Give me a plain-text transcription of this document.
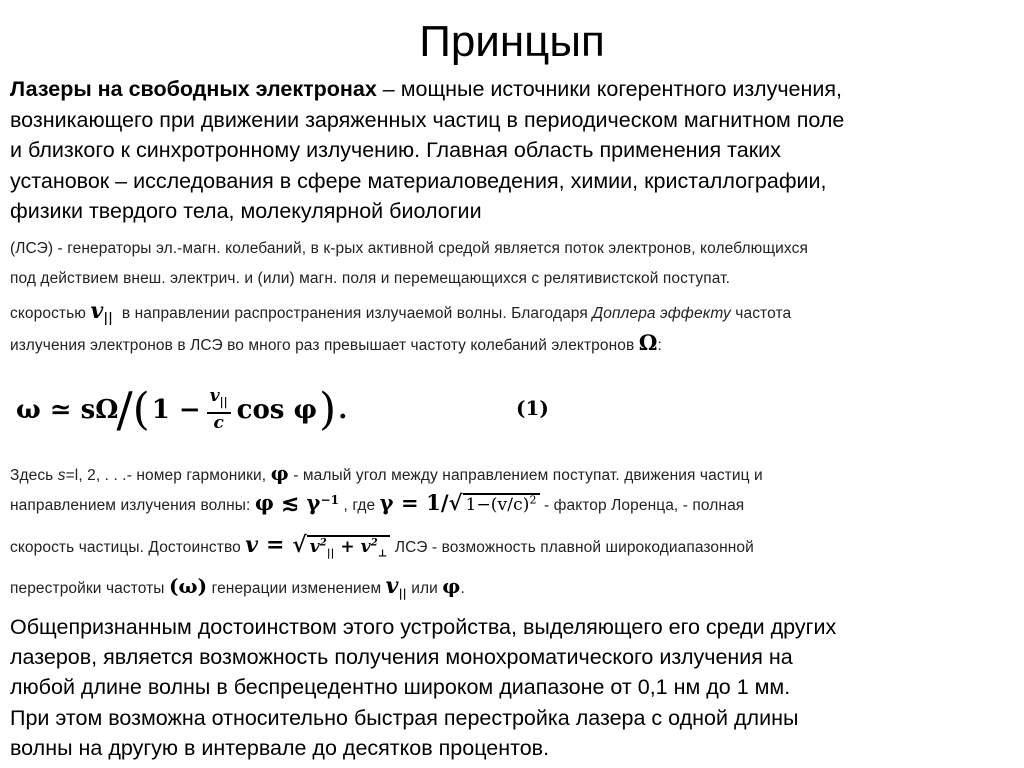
Принцып
Лазеры на свободных электронах – мощные источники когерентного излучения,
возникающего при движении заряженных частиц в периодическом магнитном поле
и близкого к синхротронному излучению. Главная область применения таких
установок – исследования в сфере материаловедения, химии, кристаллографии,
физики твердого тела, молекулярной биологии
(ЛСЭ) - генераторы эл.-магн. колебаний, в к-рых активной средой является поток электронов, колеблющихся
под действием внеш. электрич. и (или) магн. поля и перемещающихся с релятивистской поступат.
скоростью $v_{||}$ в направлении распространения излучаемой волны. Благодаря Доплера эффекту частота
излучения электронов в ЛСЭ во много раз превышает частоту колебаний электронов Ω:
ω ≃ sΩ
/ ( $1 - \frac{v_{||}}{c}$ cos φ ) .	(1)
Здесь s=l, 2, . . .- номер гармоники, φ - малый угол между направлением поступат. движения частиц и
направлением излучения волны: φ ≲ $\gamma^{-1}$ , где γ = 1/√ $1-(v/c)^2$ - фактор Лоренца, - полная
скорость частицы. Достоинство v = √ $v^2_{||} + v^2_\perp$ ЛСЭ - возможность плавной широкодиапазонной
перестройки частоты (ω) генерации изменением $v_{||}$ или φ.
Общепризнанным достоинством этого устройства, выделяющего его среди других
лазеров, является возможность получения монохроматического излучения на
любой длине волны в беспрецедентно широком диапазоне от 0,1 нм до 1 мм.
При этом возможна относительно быстрая перестройка лазера с одной длины
волны на другую в интервале до десятков процентов.
